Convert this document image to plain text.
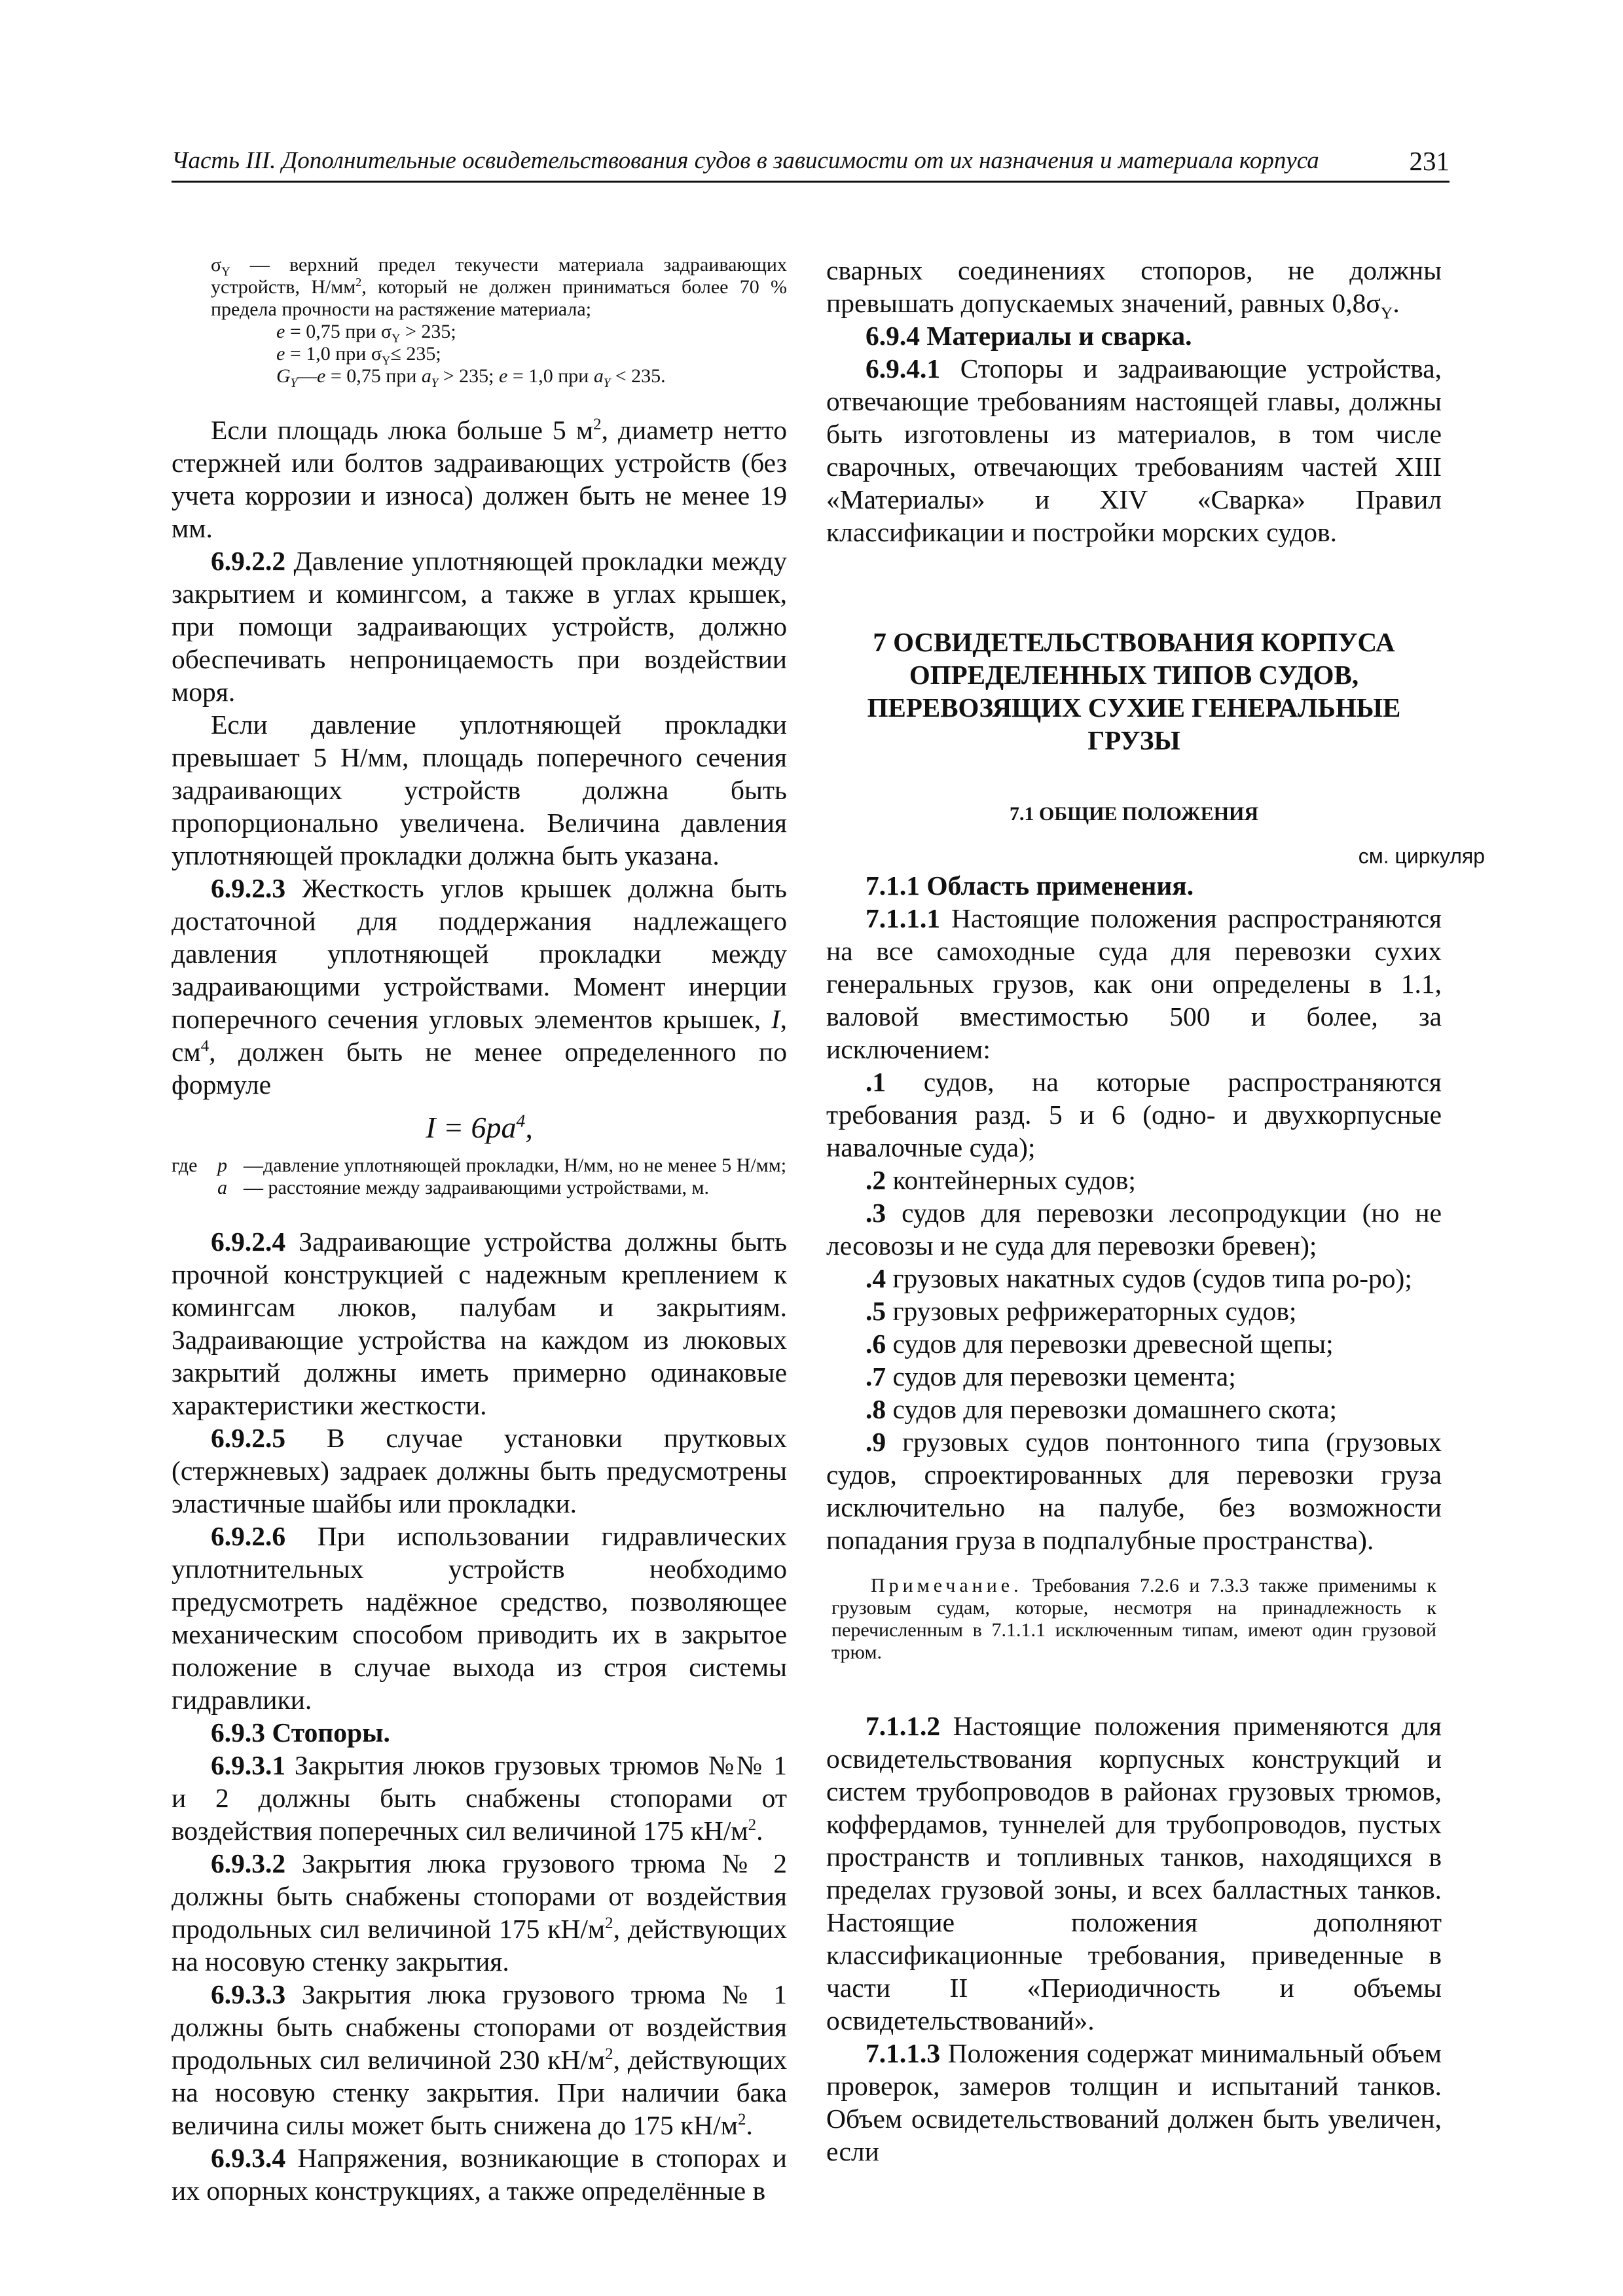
Часть III. Дополнительные освидетельствования судов в зависимости от их назначения и материала корпуса	231

$\sigma_Y$ — верхний предел текучести материала задраивающих устройств, $Н/мм^2$, который не должен приниматься более 70 % предела прочности на растяжение материала;

e = 0,75 при $\sigma_Y > 235$;

e = 1,0 при $\sigma_Y\le 235$;

$G_Y—e = 0,75$ при $a_Y > 235$; e = 1,0 при $a_Y < 235$.

Если площадь люка больше 5 $м^2$, диаметр нетто стержней или болтов задраивающих устройств (без учета коррозии и износа) должен быть не менее 19 мм.

6.9.2.2 Давление уплотняющей прокладки между закрытием и комингсом, а также в углах крышек, при помощи задраивающих устройств, должно обеспечивать непроницаемость при воздействии моря.

Если давление уплотняющей прокладки превышает 5 Н/мм, площадь поперечного сечения задраивающих устройств должна быть пропорционально увеличена. Величина давления уплотняющей прокладки должна быть указана.

6.9.2.3 Жесткость углов крышек должна быть достаточной для поддержания надлежащего давления уплотняющей прокладки между задраивающими устройствами. Момент инерции поперечного сечения угловых элементов крышек, I, $см^4$, должен быть не менее определенного по формуле

$I = 6pa^4$,
где	p —давление уплотняющей прокладки, Н/мм, но не менее 5 Н/мм;
a — расстояние между задраивающими устройствами, м.

6.9.2.4 Задраивающие устройства должны быть прочной конструкцией с надежным креплением к комингсам люков, палубам и закрытиям. Задраивающие устройства на каждом из люковых закрытий должны иметь примерно одинаковые характеристики жесткости.

6.9.2.5 В случае установки прутковых (стержневых) задраек должны быть предусмотрены эластичные шайбы или прокладки.

6.9.2.6 При использовании гидравлических уплотнительных устройств необходимо предусмотреть надёжное средство, позволяющее механическим способом приводить их в закрытое положение в случае выхода из строя системы гидравлики.

6.9.3 Стопоры.

6.9.3.1 Закрытия люков грузовых трюмов №№ 1 и 2 должны быть снабжены стопорами от воздействия поперечных сил величиной 175 $кН/м^2$.

6.9.3.2 Закрытия люка грузового трюма № 2 должны быть снабжены стопорами от воздействия продольных сил величиной 175 $кН/м^2$, действующих на носовую стенку закрытия.

6.9.3.3 Закрытия люка грузового трюма № 1 должны быть снабжены стопорами от воздействия продольных сил величиной 230 $кН/м^2$, действующих на носовую стенку закрытия. При наличии бака величина силы может быть снижена до 175 $кН/м^2$.

6.9.3.4 Напряжения, возникающие в стопорах и их опорных конструкциях, а также определённые в

сварных соединениях стопоров, не должны превышать допускаемых значений, равных $0,8\sigma_Y$.

6.9.4 Материалы и сварка.

6.9.4.1 Стопоры и задраивающие устройства, отвечающие требованиям настоящей главы, должны быть изготовлены из материалов, в том числе сварочных, отвечающих требованиям частей XIII «Материалы» и XIV «Сварка» Правил классификации и постройки морских судов.

7 ОСВИДЕТЕЛЬСТВОВАНИЯ КОРПУСА ОПРЕДЕЛЕННЫХ ТИПОВ СУДОВ, ПЕРЕВОЗЯЩИХ СУХИЕ ГЕНЕРАЛЬНЫЕ ГРУЗЫ
7.1 ОБЩИЕ ПОЛОЖЕНИЯ
см. циркуляр

7.1.1 Область применения.

7.1.1.1 Настоящие положения распространяются на все самоходные суда для перевозки сухих генеральных грузов, как они определены в 1.1, валовой вместимостью 500 и более, за исключением:

.1 судов, на которые распространяются требования разд. 5 и 6 (одно- и двухкорпусные навалочные суда);

.2 контейнерных судов;

.3 судов для перевозки лесопродукции (но не лесовозы и не суда для перевозки бревен);

.4 грузовых накатных судов (судов типа ро-ро);

.5 грузовых рефрижераторных судов;

.6 судов для перевозки древесной щепы;

.7 судов для перевозки цемента;

.8 судов для перевозки домашнего скота;

.9 грузовых судов понтонного типа (грузовых судов, спроектированных для перевозки груза исключительно на палубе, без возможности попадания груза в подпалубные пространства).

Примечание. Требования 7.2.6 и 7.3.3 также применимы к грузовым судам, которые, несмотря на принадлежность к перечисленным в 7.1.1.1 исключенным типам, имеют один грузовой трюм.

7.1.1.2 Настоящие положения применяются для освидетельствования корпусных конструкций и систем трубопроводов в районах грузовых трюмов, коффердамов, туннелей для трубопроводов, пустых пространств и топливных танков, находящихся в пределах грузовой зоны, и всех балластных танков. Настоящие положения дополняют классификационные требования, приведенные в части II «Периодичность и объемы освидетельствований».

7.1.1.3 Положения содержат минимальный объем проверок, замеров толщин и испытаний танков. Объем освидетельствований должен быть увеличен, если
